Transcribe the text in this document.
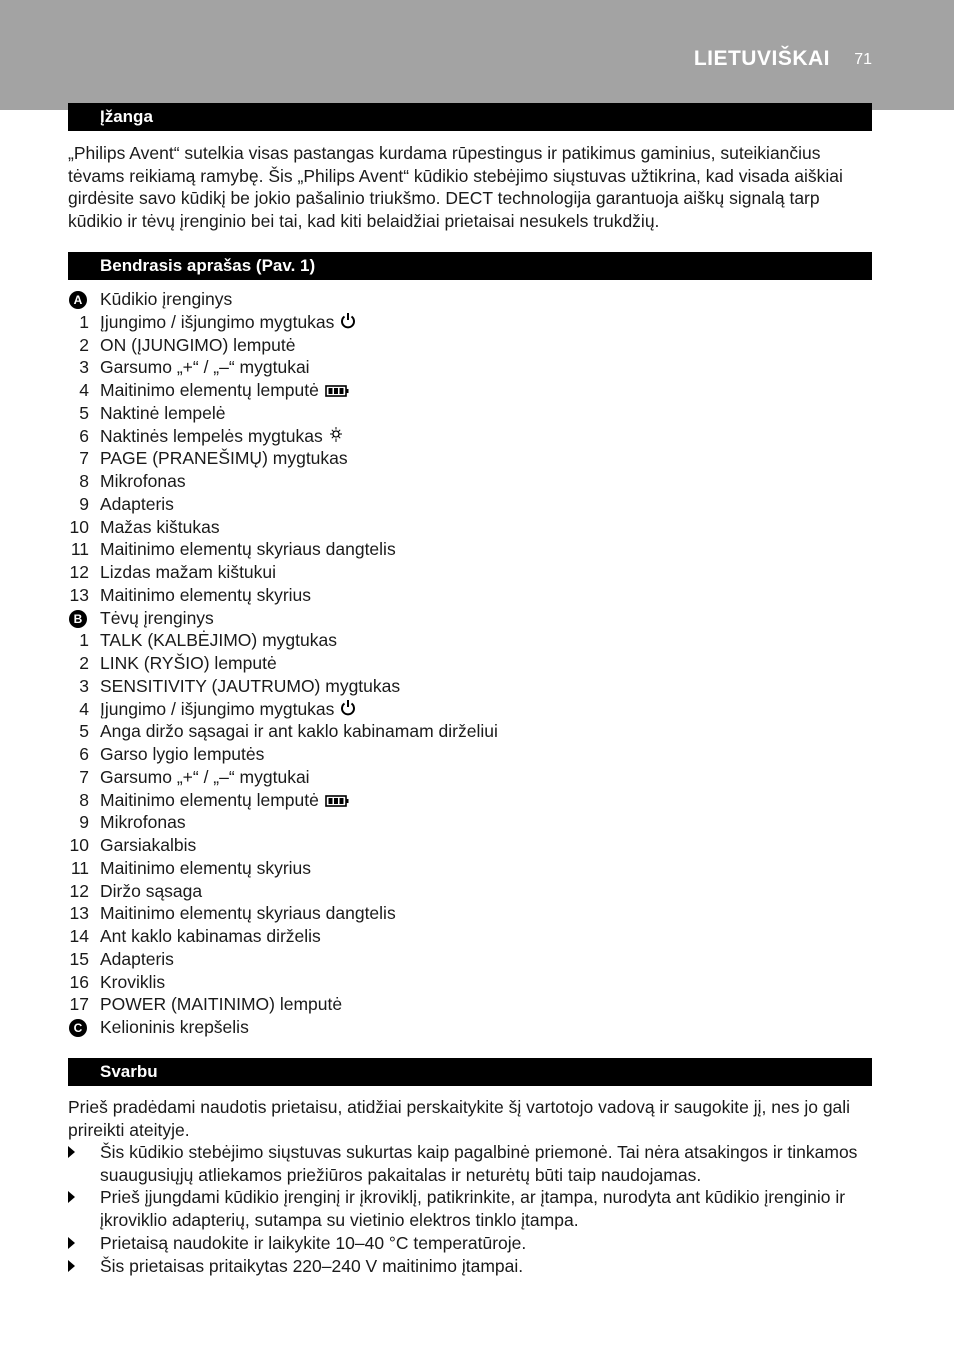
LIETUVIŠKAI 71
Įžanga

„Philips Avent“ sutelkia visas pastangas kurdama rūpestingus ir patikimus gaminius, suteikiančius tėvams reikiamą ramybę. Šis „Philips Avent“ kūdikio stebėjimo siųstuvas užtikrina, kad visada aiškiai girdėsite savo kūdikį be jokio pašalinio triukšmo. DECT technologija garantuoja aiškų signalą tarp kūdikio ir tėvų įrenginio bei tai, kad kiti belaidžiai prietaisai nesukels trukdžių.

Bendrasis aprašas (Pav. 1)
A Kūdikio įrenginys
1 Įjungimo / išjungimo mygtukas
2 ON (ĮJUNGIMO) lemputė
3 Garsumo „+“ / „–“ mygtukai
4 Maitinimo elementų lemputė
5 Naktinė lempelė
6 Naktinės lempelės mygtukas
7 PAGE (PRANEŠIMŲ) mygtukas
8 Mikrofonas
9 Adapteris
10 Mažas kištukas
11 Maitinimo elementų skyriaus dangtelis
12 Lizdas mažam kištukui
13 Maitinimo elementų skyrius
B Tėvų įrenginys
1 TALK (KALBĖJIMO) mygtukas
2 LINK (RYŠIO) lemputė
3 SENSITIVITY (JAUTRUMO) mygtukas
4 Įjungimo / išjungimo mygtukas
5 Anga diržo sąsagai ir ant kaklo kabinamam dirželiui
6 Garso lygio lemputės
7 Garsumo „+“ / „–“ mygtukai
8 Maitinimo elementų lemputė
9 Mikrofonas
10 Garsiakalbis
11 Maitinimo elementų skyrius
12 Diržo sąsaga
13 Maitinimo elementų skyriaus dangtelis
14 Ant kaklo kabinamas dirželis
15 Adapteris
16 Kroviklis
17 POWER (MAITINIMO) lemputė
C Kelioninis krepšelis
Svarbu

Prieš pradėdami naudotis prietaisu, atidžiai perskaitykite šį vartotojo vadovą ir saugokite jį, nes jo gali prireikti ateityje.

Šis kūdikio stebėjimo siųstuvas sukurtas kaip pagalbinė priemonė. Tai nėra atsakingos ir tinkamos suaugusiųjų atliekamos priežiūros pakaitalas ir neturėtų būti taip naudojamas.
Prieš įjungdami kūdikio įrenginį ir įkroviklį, patikrinkite, ar įtampa, nurodyta ant kūdikio įrenginio ir įkroviklio adapterių, sutampa su vietinio elektros tinklo įtampa.
Prietaisą naudokite ir laikykite 10–40 °C temperatūroje.
Šis prietaisas pritaikytas 220–240 V maitinimo įtampai.
